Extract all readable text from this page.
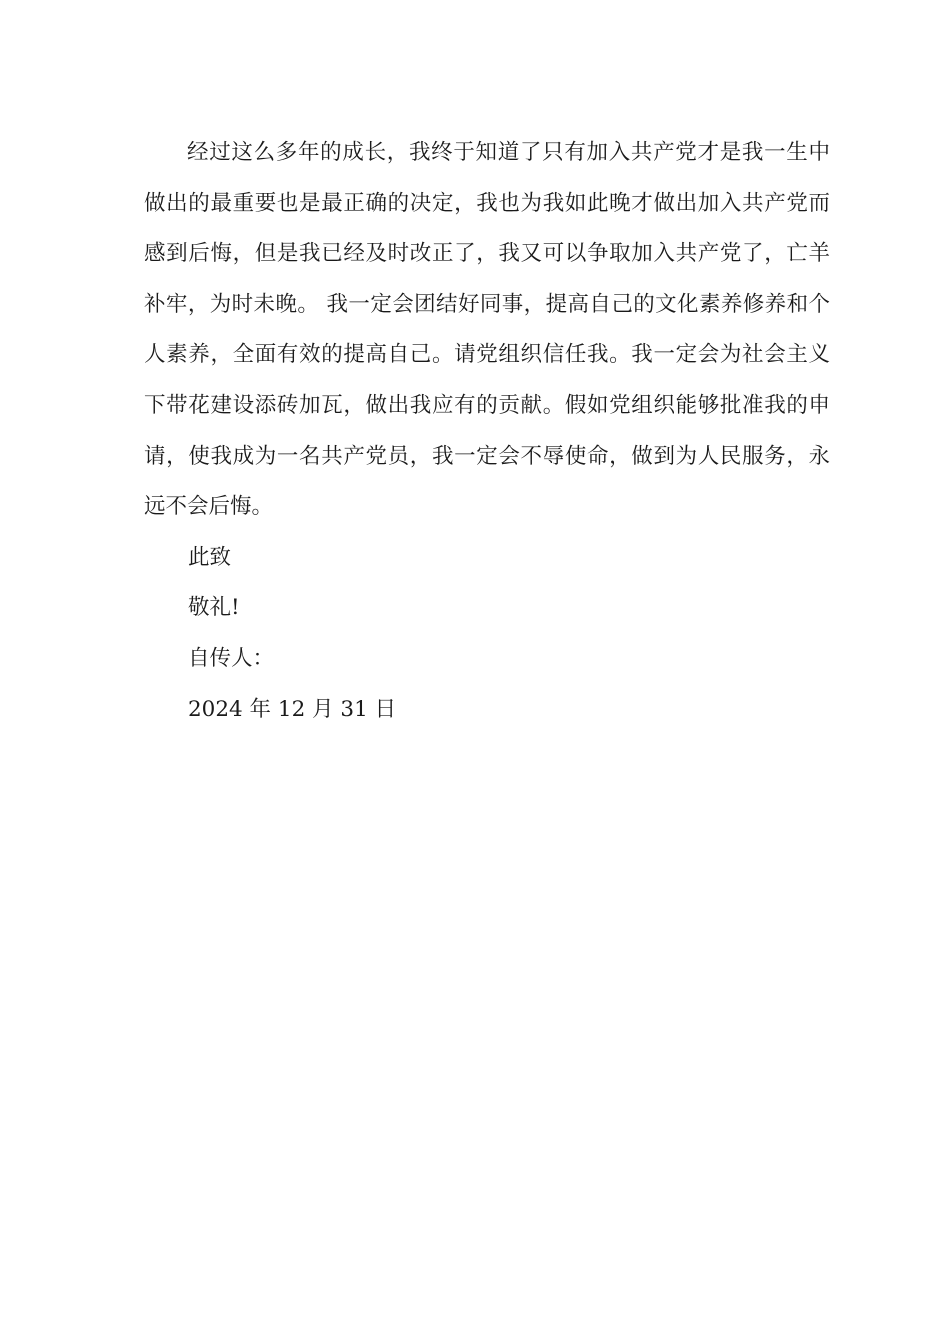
经过这么多年的成长，我终于知道了只有加入共产党才是我一生中做出的最重要也是最正确的决定，我也为我如此晚才做出加入共产党而感到后悔，但是我已经及时改正了，我又可以争取加入共产党了，亡羊补牢，为时未晚。 我一定会团结好同事，提高自己的文化素养修养和个人素养，全面有效的提高自己。请党组织信任我。我一定会为社会主义下带花建设添砖加瓦，做出我应有的贡献。假如党组织能够批准我的申请，使我成为一名共产党员，我一定会不辱使命，做到为人民服务，永远不会后悔。

此致

敬礼!

自传人：

2024 年 12 月 31 日
